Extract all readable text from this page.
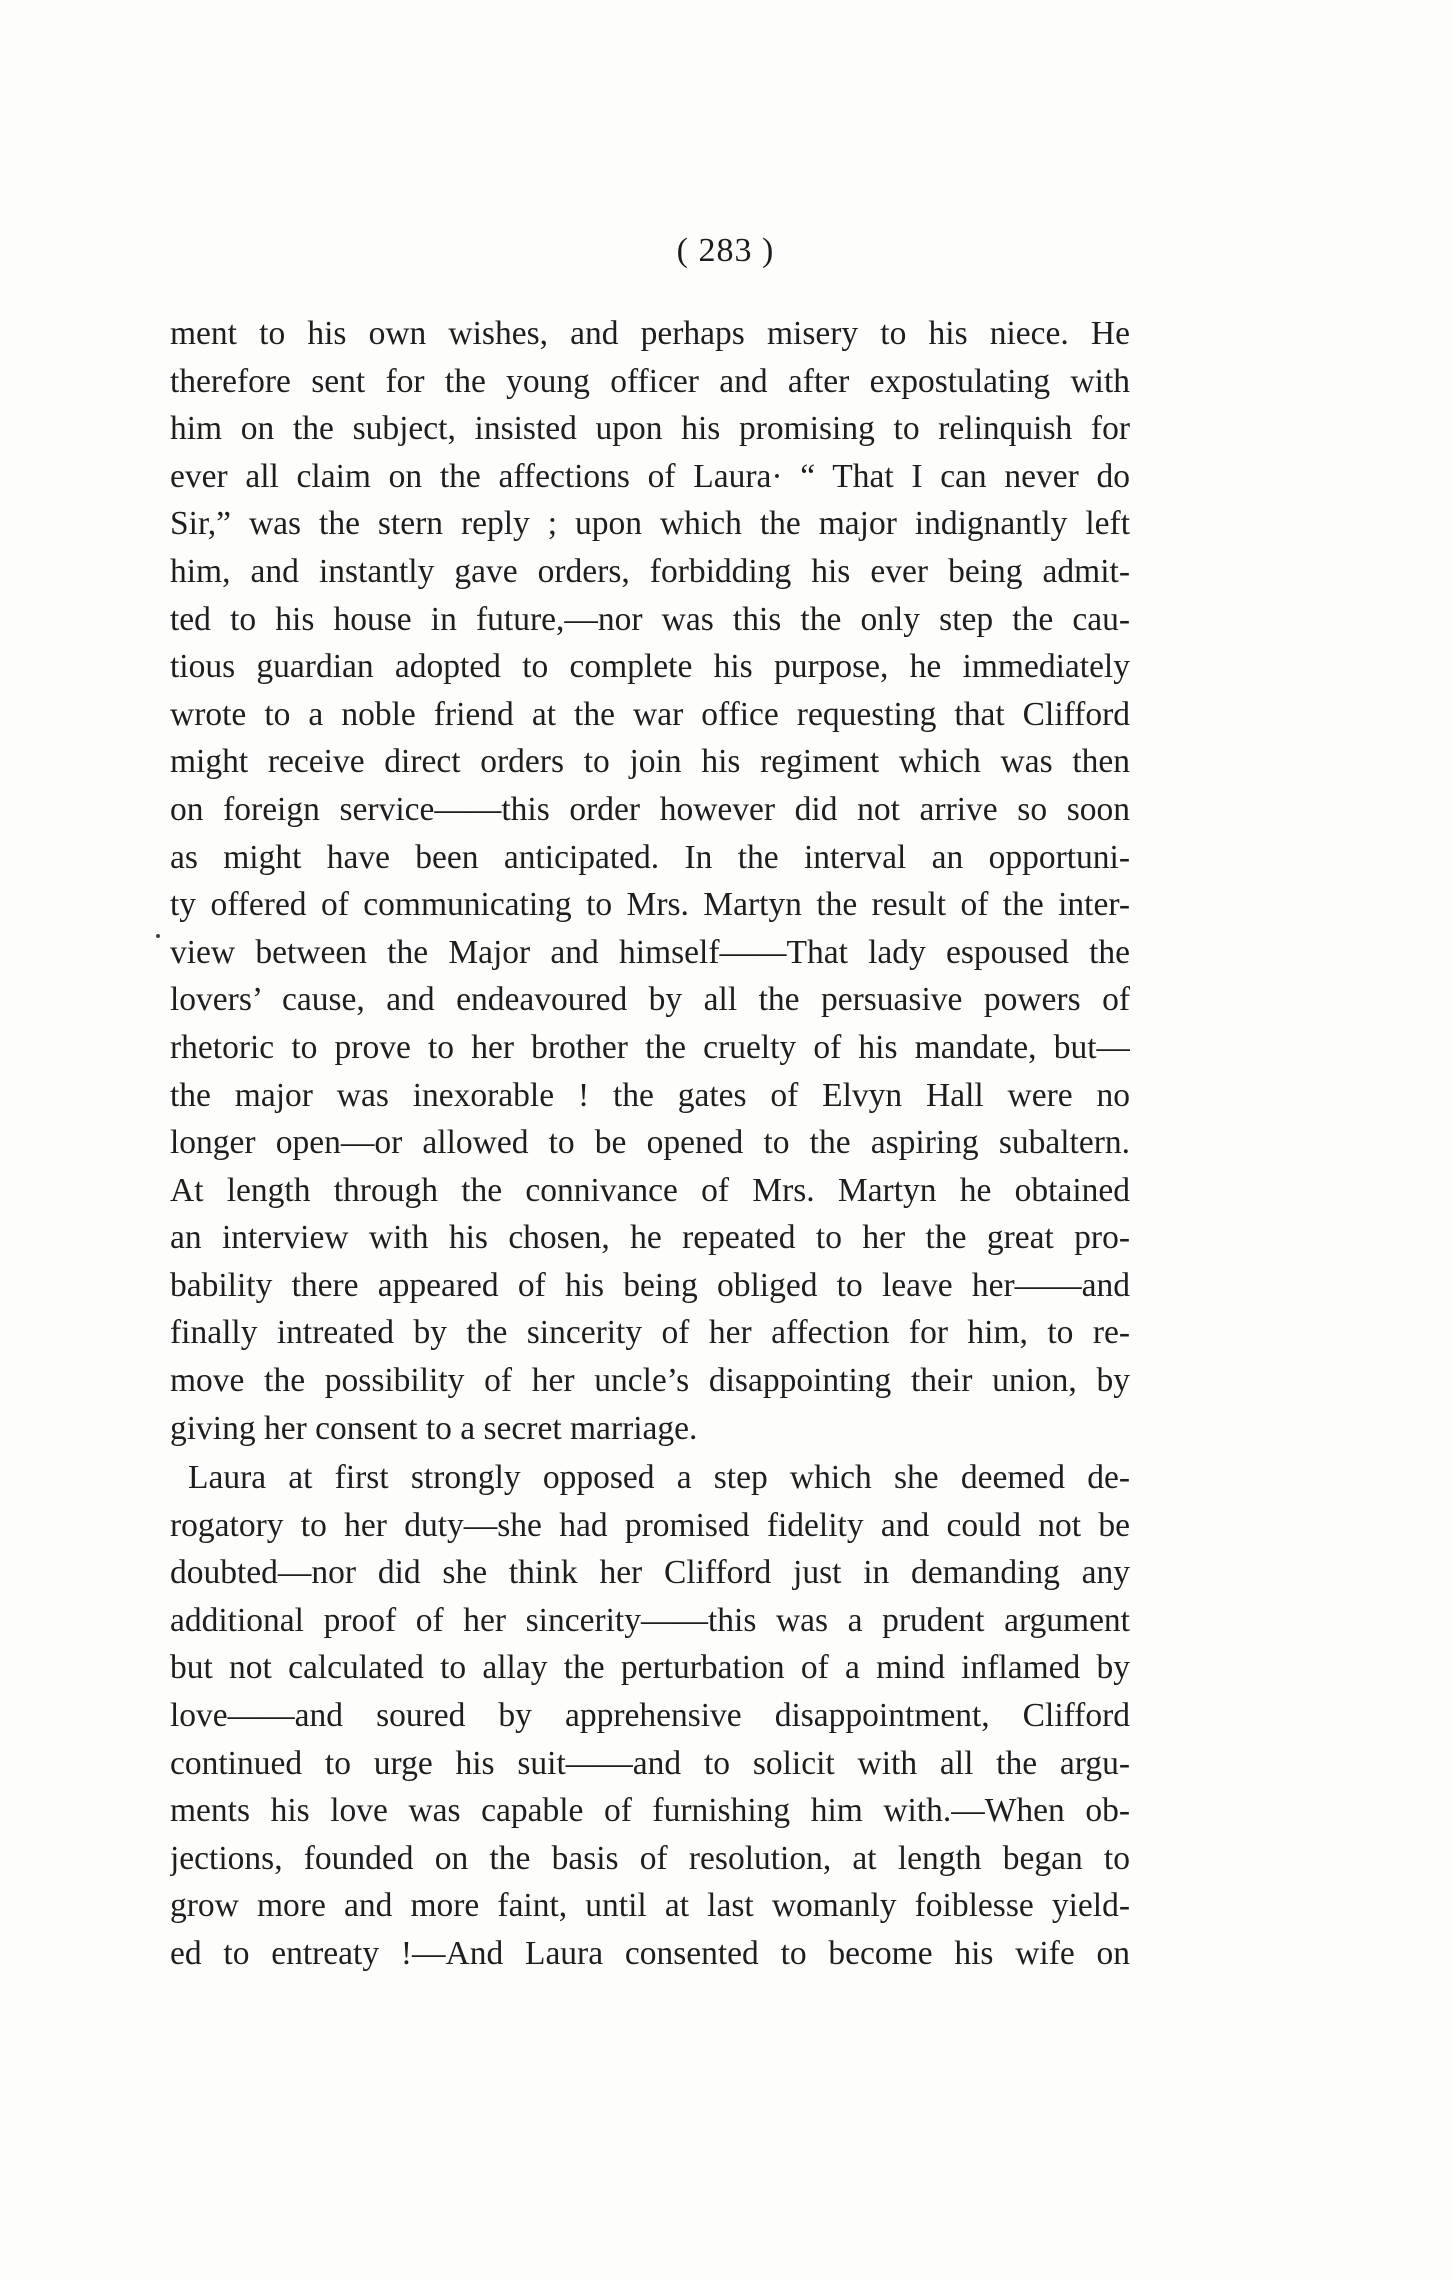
( 283 )
ment to his own wishes, and perhaps misery to his niece. He
therefore sent for the young officer and after expostulating with
him on the subject, insisted upon his promising to relinquish for
ever all claim on the affections of Laura· “ That I can never do
Sir,” was the stern reply ; upon which the major indignantly left
him, and instantly gave orders, forbidding his ever being admit-
ted to his house in future,—nor was this the only step the cau-
tious guardian adopted to complete his purpose, he immediately
wrote to a noble friend at the war office requesting that Clifford
might receive direct orders to join his regiment which was then
on foreign service——this order however did not arrive so soon
as might have been anticipated. In the interval an opportuni-
ty offered of communicating to Mrs. Martyn the result of the inter-
view between the Major and himself——That lady espoused the
lovers’ cause, and endeavoured by all the persuasive powers of
rhetoric to prove to her brother the cruelty of his mandate, but—
the major was inexorable ! the gates of Elvyn Hall were no
longer open—or allowed to be opened to the aspiring subaltern.
At length through the connivance of Mrs. Martyn he obtained
an interview with his chosen, he repeated to her the great pro-
bability there appeared of his being obliged to leave her——and
finally intreated by the sincerity of her affection for him, to re-
move the possibility of her uncle’s disappointing their union, by
giving her consent to a secret marriage.
Laura at first strongly opposed a step which she deemed de-
rogatory to her duty—she had promised fidelity and could not be
doubted—nor did she think her Clifford just in demanding any
additional proof of her sincerity——this was a prudent argument
but not calculated to allay the perturbation of a mind inflamed by
love——and soured by apprehensive disappointment, Clifford
continued to urge his suit——and to solicit with all the argu-
ments his love was capable of furnishing him with.—When ob-
jections, founded on the basis of resolution, at length began to
grow more and more faint, until at last womanly foiblesse yield-
ed to entreaty !—And Laura consented to become his wife on
